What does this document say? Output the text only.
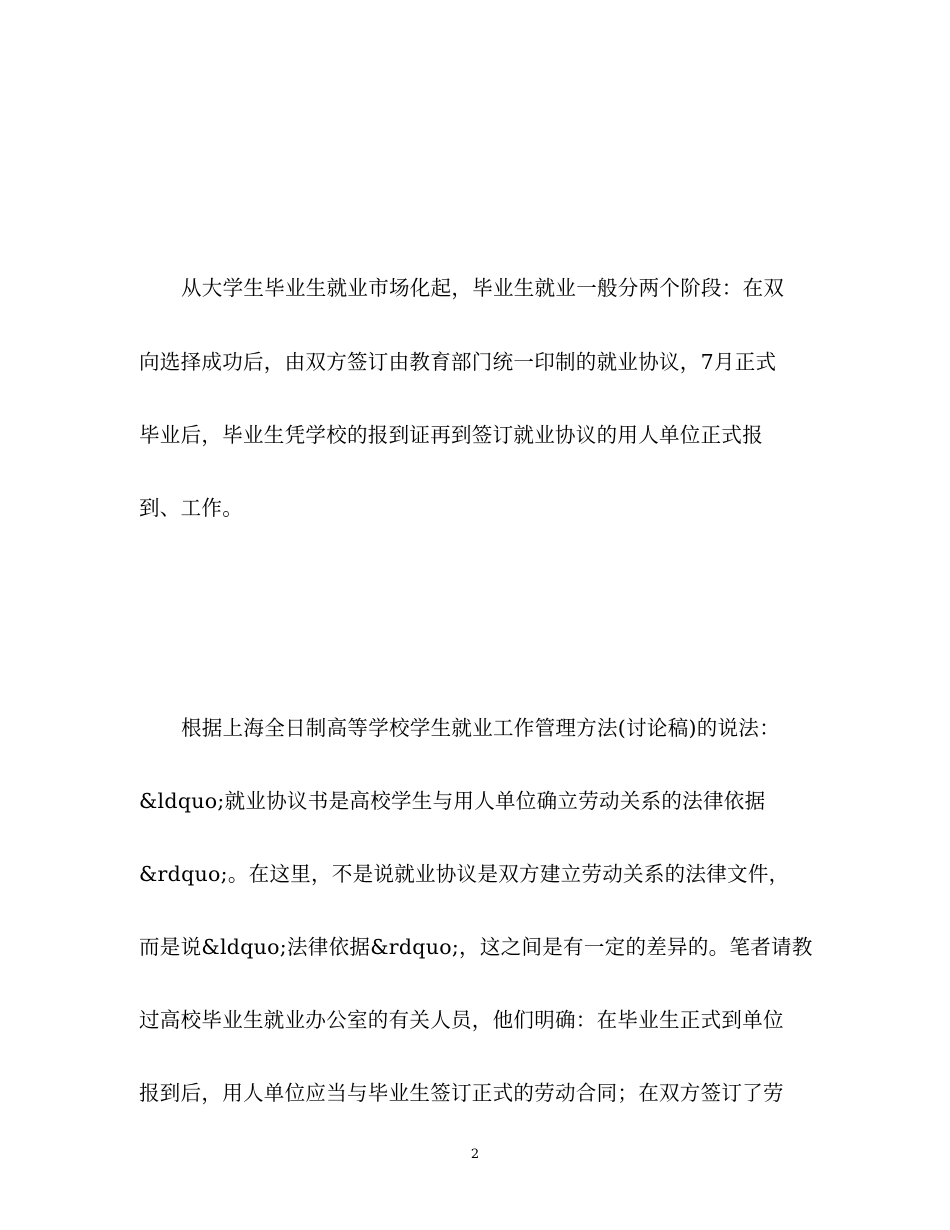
从大学生毕业生就业市场化起，毕业生就业一般分两个阶段：在双
向选择成功后，由双方签订由教育部门统一印制的就业协议，7月正式
毕业后，毕业生凭学校的报到证再到签订就业协议的用人单位正式报
到、工作。
根据上海全日制高等学校学生就业工作管理方法(讨论稿)的说法：
&ldquo;就业协议书是高校学生与用人单位确立劳动关系的法律依据
&rdquo;。在这里，不是说就业协议是双方建立劳动关系的法律文件，
而是说&ldquo;法律依据&rdquo;，这之间是有一定的差异的。笔者请教
过高校毕业生就业办公室的有关人员，他们明确：在毕业生正式到单位
报到后，用人单位应当与毕业生签订正式的劳动合同；在双方签订了劳
2
